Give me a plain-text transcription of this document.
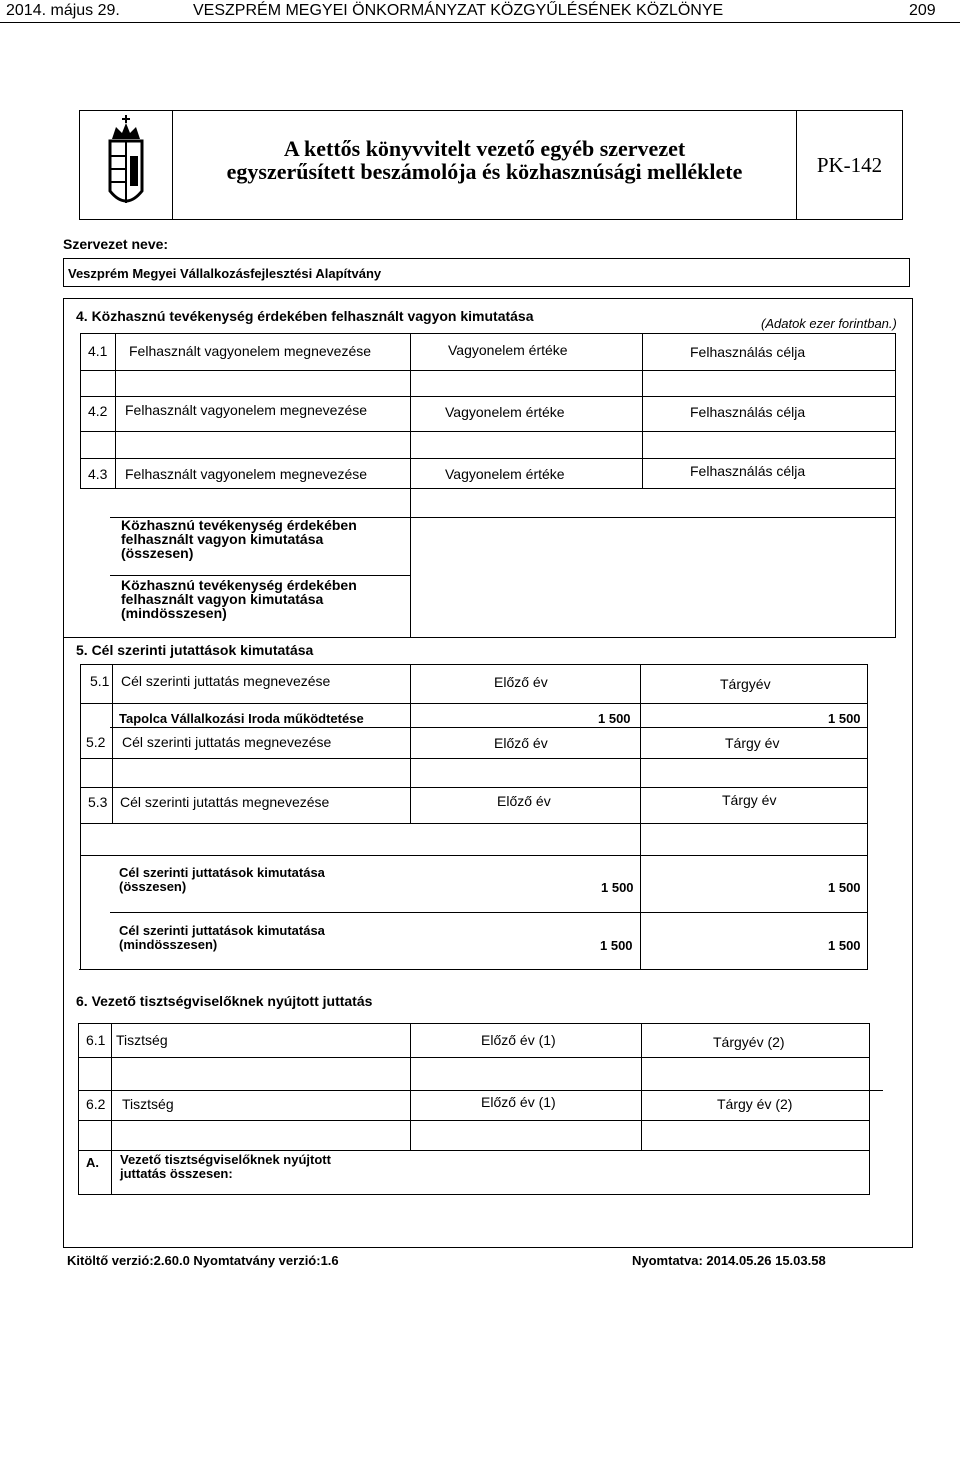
2014. május 29.	VESZPRÉM MEGYEI ÖNKORMÁNYZAT KÖZGYŰLÉSÉNEK KÖZLÖNYE	209
A kettős könyvvitelt vezető egyéb szervezet
egyszerűsített beszámolója és közhasznúsági melléklete	PK-142
Szervezet neve:
Veszprém Megyei Vállalkozásfejlesztési Alapítvány
4. Közhasznú tevékenység érdekében felhasznált vagyon kimutatása	(Adatok ezer forintban.)
4.1 Felhasznált vagyonelem megnevezése	Vagyonelem értéke	Felhasználás célja
4.2 Felhasznált vagyonelem megnevezése	Vagyonelem értéke	Felhasználás célja
4.3 Felhasznált vagyonelem megnevezése	Vagyonelem értéke	Felhasználás célja
Közhasznú tevékenység érdekében
felhasznált vagyon kimutatása
(összesen)
Közhasznú tevékenység érdekében
felhasznált vagyon kimutatása
(mindösszesen)
5. Cél szerinti jutattások kimutatása
5.1 Cél szerinti juttatás megnevezése	Előző év	Tárgyév
Tapolca Vállalkozási Iroda működtetése	1 500	1 500
5.2 Cél szerinti juttatás megnevezése	Előző év	Tárgy év
5.3 Cél szerinti jutattás megnevezése	Előző év	Tárgy év
Cél szerinti juttatások kimutatása
(összesen)	1 500	1 500
Cél szerinti juttatások kimutatása
(mindösszesen)	1 500	1 500
6. Vezető tisztségviselőknek nyújtott juttatás
6.1 Tisztség	Előző év (1)	Tárgyév (2)
6.2 Tisztség	Előző év (1)	Tárgy év (2)
A. Vezető tisztségviselőknek nyújtott
juttatás összesen:
Kitöltő verzió:2.60.0 Nyomtatvány verzió:1.6	Nyomtatva: 2014.05.26 15.03.58
